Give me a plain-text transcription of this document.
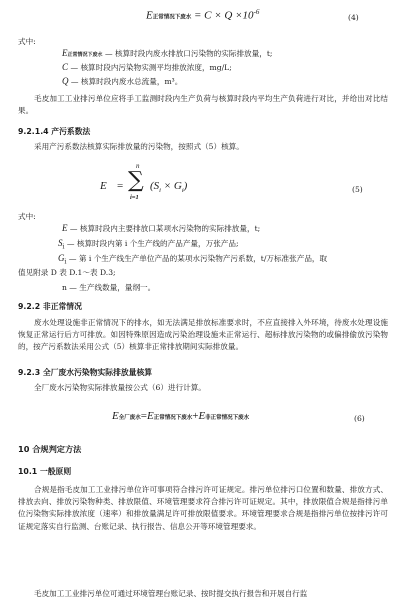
E正常情况下废水 = $C \times Q \times 10^{-6}$
(4)
式中:
E正常情况下废水 — 核算时段内废水排放口污染物的实际排放量，t;
C — 核算时段内污染物实测平均排放浓度，mg/L;
Q — 核算时段内废水总流量，m³。
毛皮加工工业排污单位应将手工监测时段内生产负荷与核算时段内平均生产负荷进行对比，并给出对比结果。
9.2.1.4 产污系数法
采用产污系数法核算实际排放量的污染物，按照式（5）核算。
E =
n
∑
i=1
$(S_i \times G_i)$	(5)
式中:
E — 核算时段内主要排放口某项水污染物的实际排放量，t;
$S_i$ — 核算时段内第 i 个生产线的产品产量，万张产品;
$G_i$ — 第 i 个生产线生产单位产品的某项水污染物产污系数，t/万标准张产品，取
值见附录 D 表 D.1～表 D.3;
n — 生产线数量，量纲一。
9.2.2 非正常情况
废水处理设施非正常情况下的排水，如无法满足排放标准要求时，不应直接排入外环境，待废水处理设施恢复正常运行后方可排放。如因特殊原因造成污染治理设施未正常运行、超标排放污染物的或偏排偷放污染物的，按产污系数法采用公式（5）核算非正常排放期间实际排放量。
9.2.3 全厂废水污染物实际排放量核算
全厂废水污染物实际排放量按公式（6）进行计算。
E全厂废水=E正常情况下废水+E非正常情况下废水	(6)
10 合规判定方法
10.1 一般原则
合规是指毛皮加工工业排污单位许可事项符合排污许可证规定。排污单位排污口位置和数量、排放方式、排放去向、排放污染物种类、排放限值、环境管理要求符合排污许可证规定。其中，排放限值合规是指排污单位污染物实际排放浓度（速率）和排放量满足许可排放限值要求。环境管理要求合规是指排污单位按排污许可证规定落实自行监测、台账记录、执行报告、信息公开等环境管理要求。
毛皮加工工业排污单位可通过环境管理台账记录、按时提交执行报告和开展自行监
